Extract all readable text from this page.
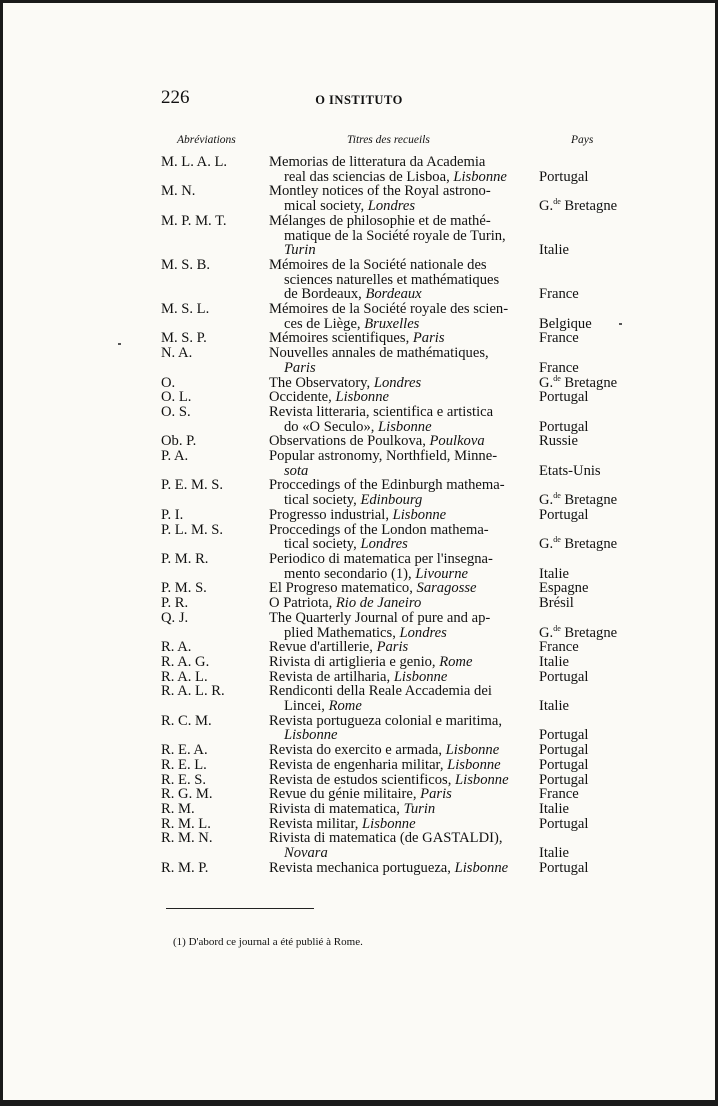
226	O INSTITUTO
Abréviations	Titres des recueils	Pays
M. L. A. L.	Memorias de litteratura da Academia
real das sciencias de Lisboa, Lisbonne	Portugal
M. N.	Montley notices of the Royal astrono-
mical society, Londres	G.$^{de}$ Bretagne
M. P. M. T.	Mélanges de philosophie et de mathé-
matique de la Société royale de Turin,
Turin	Italie
M. S. B.	Mémoires de la Société nationale des
sciences naturelles et mathématiques
de Bordeaux, Bordeaux	France
M. S. L.	Mémoires de la Société royale des scien-
ces de Liège, Bruxelles	Belgique
M. S. P.	Mémoires scientifiques, Paris	France
N. A.	Nouvelles annales de mathématiques,
Paris	France
O.	The Observatory, Londres	G.$^{de}$ Bretagne
O. L.	Occidente, Lisbonne	Portugal
O. S.	Revista litteraria, scientifica e artistica
do «O Seculo», Lisbonne	Portugal
Ob. P.	Observations de Poulkova, Poulkova	Russie
P. A.	Popular astronomy, Northfield, Minne-
sota	Etats-Unis
P. E. M. S.	Proccedings of the Edinburgh mathema-
tical society, Edinbourg	G.$^{de}$ Bretagne
P. I.	Progresso industrial, Lisbonne	Portugal
P. L. M. S.	Proccedings of the London mathema-
tical society, Londres	G.$^{de}$ Bretagne
P. M. R.	Periodico di matematica per l'insegna-
mento secondario (1), Livourne	Italie
P. M. S.	El Progreso matematico, Saragosse	Espagne
P. R.	O Patriota, Rio de Janeiro	Brésil
Q. J.	The Quarterly Journal of pure and ap-
plied Mathematics, Londres	G.$^{de}$ Bretagne
R. A.	Revue d'artillerie, Paris	France
R. A. G.	Rivista di artiglieria e genio, Rome	Italie
R. A. L.	Revista de artilharia, Lisbonne	Portugal
R. A. L. R.	Rendiconti della Reale Accademia dei
Lincei, Rome	Italie
R. C. M.	Revista portugueza colonial e maritima,
Lisbonne	Portugal
R. E. A.	Revista do exercito e armada, Lisbonne	Portugal
R. E. L.	Revista de engenharia militar, Lisbonne	Portugal
R. E. S.	Revista de estudos scientificos, Lisbonne	Portugal
R. G. M.	Revue du génie militaire, Paris	France
R. M.	Rivista di matematica, Turin	Italie
R. M. L.	Revista militar, Lisbonne	Portugal
R. M. N.	Rivista di matematica (de GASTALDI),
Novara	Italie
R. M. P.	Revista mechanica portugueza, Lisbonne	Portugal
(1) D'abord ce journal a été publié à Rome.
